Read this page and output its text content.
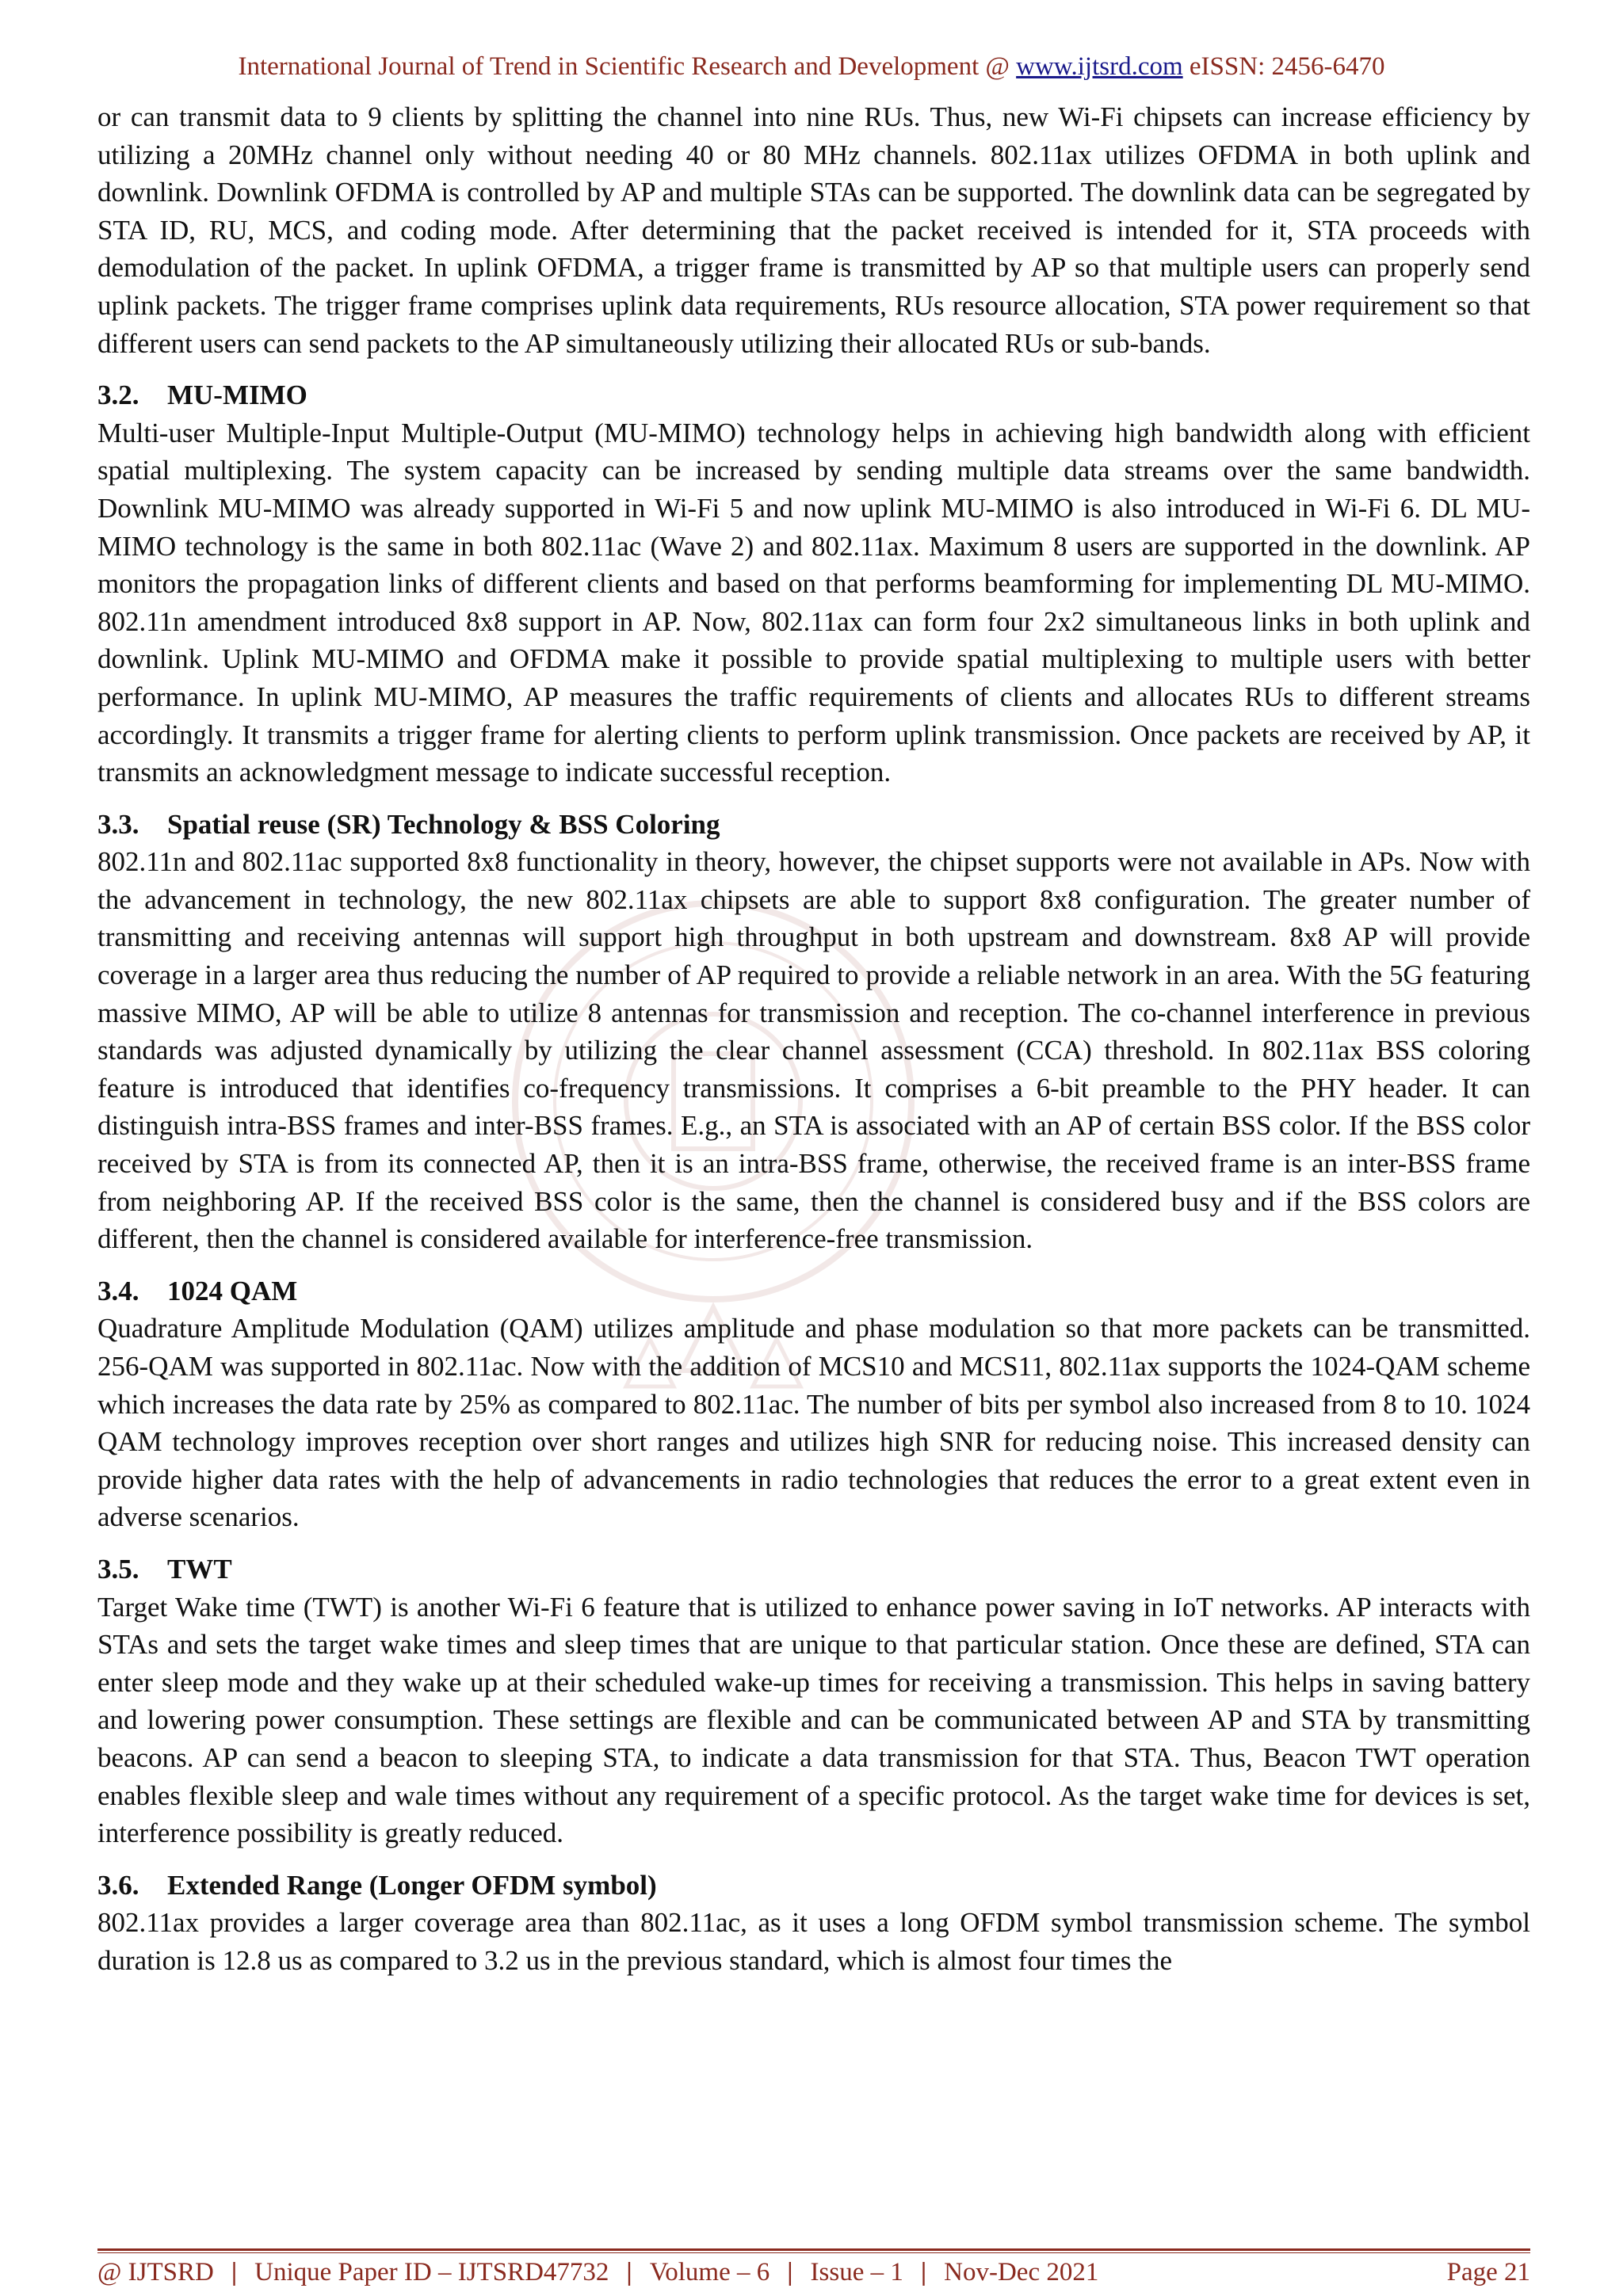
International Journal of Trend in Scientific Research and Development @ www.ijtsrd.com eISSN: 2456-6470

or can transmit data to 9 clients by splitting the channel into nine RUs. Thus, new Wi-Fi chipsets can increase efficiency by utilizing a 20MHz channel only without needing 40 or 80 MHz channels. 802.11ax utilizes OFDMA in both uplink and downlink. Downlink OFDMA is controlled by AP and multiple STAs can be supported. The downlink data can be segregated by STA ID, RU, MCS, and coding mode. After determining that the packet received is intended for it, STA proceeds with demodulation of the packet. In uplink OFDMA, a trigger frame is transmitted by AP so that multiple users can properly send uplink packets. The trigger frame comprises uplink data requirements, RUs resource allocation, STA power requirement so that different users can send packets to the AP simultaneously utilizing their allocated RUs or sub-bands.

3.2. MU-MIMO

Multi-user Multiple-Input Multiple-Output (MU-MIMO) technology helps in achieving high bandwidth along with efficient spatial multiplexing. The system capacity can be increased by sending multiple data streams over the same bandwidth. Downlink MU-MIMO was already supported in Wi-Fi 5 and now uplink MU-MIMO is also introduced in Wi-Fi 6. DL MU-MIMO technology is the same in both 802.11ac (Wave 2) and 802.11ax. Maximum 8 users are supported in the downlink. AP monitors the propagation links of different clients and based on that performs beamforming for implementing DL MU-MIMO. 802.11n amendment introduced 8x8 support in AP. Now, 802.11ax can form four 2x2 simultaneous links in both uplink and downlink. Uplink MU-MIMO and OFDMA make it possible to provide spatial multiplexing to multiple users with better performance. In uplink MU-MIMO, AP measures the traffic requirements of clients and allocates RUs to different streams accordingly. It transmits a trigger frame for alerting clients to perform uplink transmission. Once packets are received by AP, it transmits an acknowledgment message to indicate successful reception.

3.3. Spatial reuse (SR) Technology & BSS Coloring

802.11n and 802.11ac supported 8x8 functionality in theory, however, the chipset supports were not available in APs. Now with the advancement in technology, the new 802.11ax chipsets are able to support 8x8 configuration. The greater number of transmitting and receiving antennas will support high throughput in both upstream and downstream. 8x8 AP will provide coverage in a larger area thus reducing the number of AP required to provide a reliable network in an area. With the 5G featuring massive MIMO, AP will be able to utilize 8 antennas for transmission and reception. The co-channel interference in previous standards was adjusted dynamically by utilizing the clear channel assessment (CCA) threshold. In 802.11ax BSS coloring feature is introduced that identifies co-frequency transmissions. It comprises a 6-bit preamble to the PHY header. It can distinguish intra-BSS frames and inter-BSS frames. E.g., an STA is associated with an AP of certain BSS color. If the BSS color received by STA is from its connected AP, then it is an intra-BSS frame, otherwise, the received frame is an inter-BSS frame from neighboring AP. If the received BSS color is the same, then the channel is considered busy and if the BSS colors are different, then the channel is considered available for interference-free transmission.

3.4. 1024 QAM

Quadrature Amplitude Modulation (QAM) utilizes amplitude and phase modulation so that more packets can be transmitted. 256-QAM was supported in 802.11ac. Now with the addition of MCS10 and MCS11, 802.11ax supports the 1024-QAM scheme which increases the data rate by 25% as compared to 802.11ac. The number of bits per symbol also increased from 8 to 10. 1024 QAM technology improves reception over short ranges and utilizes high SNR for reducing noise. This increased density can provide higher data rates with the help of advancements in radio technologies that reduces the error to a great extent even in adverse scenarios.

3.5. TWT

Target Wake time (TWT) is another Wi-Fi 6 feature that is utilized to enhance power saving in IoT networks. AP interacts with STAs and sets the target wake times and sleep times that are unique to that particular station. Once these are defined, STA can enter sleep mode and they wake up at their scheduled wake-up times for receiving a transmission. This helps in saving battery and lowering power consumption. These settings are flexible and can be communicated between AP and STA by transmitting beacons. AP can send a beacon to sleeping STA, to indicate a data transmission for that STA. Thus, Beacon TWT operation enables flexible sleep and wale times without any requirement of a specific protocol. As the target wake time for devices is set, interference possibility is greatly reduced.

3.6. Extended Range (Longer OFDM symbol)

802.11ax provides a larger coverage area than 802.11ac, as it uses a long OFDM symbol transmission scheme. The symbol duration is 12.8 us as compared to 3.2 us in the previous standard, which is almost four times the

@ IJTSRD | Unique Paper ID – IJTSRD47732 | Volume – 6 | Issue – 1 | Nov-Dec 2021	Page 21
